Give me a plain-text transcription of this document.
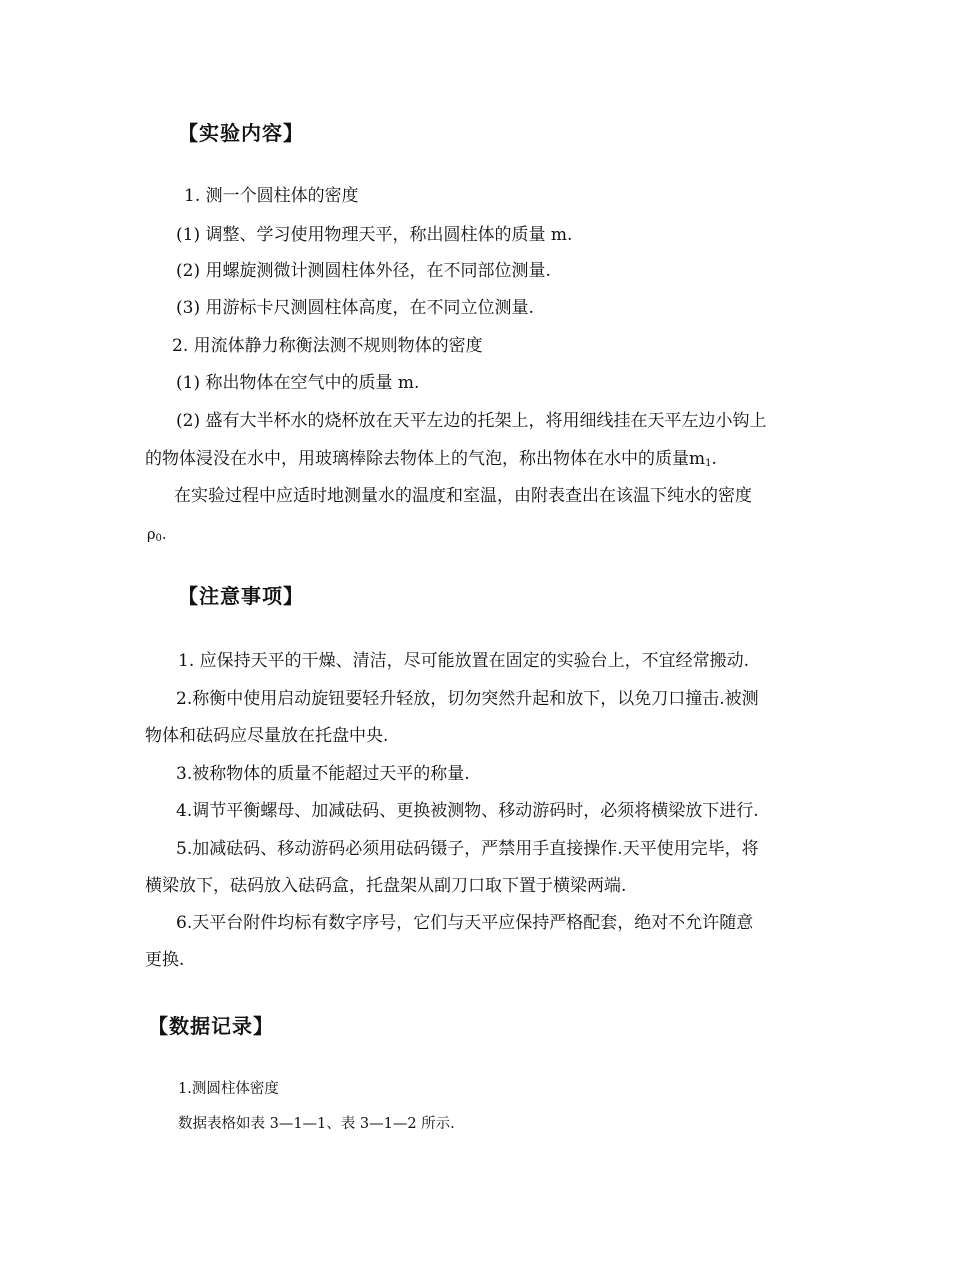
【实验内容】
1. 测一个圆柱体的密度
(1) 调整、学习使用物理天平，称出圆柱体的质量 m.
(2) 用螺旋测微计测圆柱体外径，在不同部位测量.
(3) 用游标卡尺测圆柱体高度，在不同立位测量.
2. 用流体静力称衡法测不规则物体的密度
(1) 称出物体在空气中的质量 m.
(2) 盛有大半杯水的烧杯放在天平左边的托架上，将用细线挂在天平左边小钩上
的物体浸没在水中，用玻璃棒除去物体上的气泡，称出物体在水中的质量$m_1$.
在实验过程中应适时地测量水的温度和室温，由附表查出在该温下纯水的密度
$\rho_0$.
【注意事项】
1. 应保持天平的干燥、清洁，尽可能放置在固定的实验台上，不宜经常搬动.
2.称衡中使用启动旋钮要轻升轻放，切勿突然升起和放下，以免刀口撞击.被测
物体和砝码应尽量放在托盘中央.
3.被称物体的质量不能超过天平的称量.
4.调节平衡螺母、加减砝码、更换被测物、移动游码时，必须将横梁放下进行.
5.加减砝码、移动游码必须用砝码镊子，严禁用手直接操作.天平使用完毕，将
横梁放下，砝码放入砝码盒，托盘架从副刀口取下置于横梁两端.
6.天平台附件均标有数字序号，它们与天平应保持严格配套，绝对不允许随意
更换.
【数据记录】
1.测圆柱体密度
数据表格如表 3—1—1、表 3—1—2 所示.
